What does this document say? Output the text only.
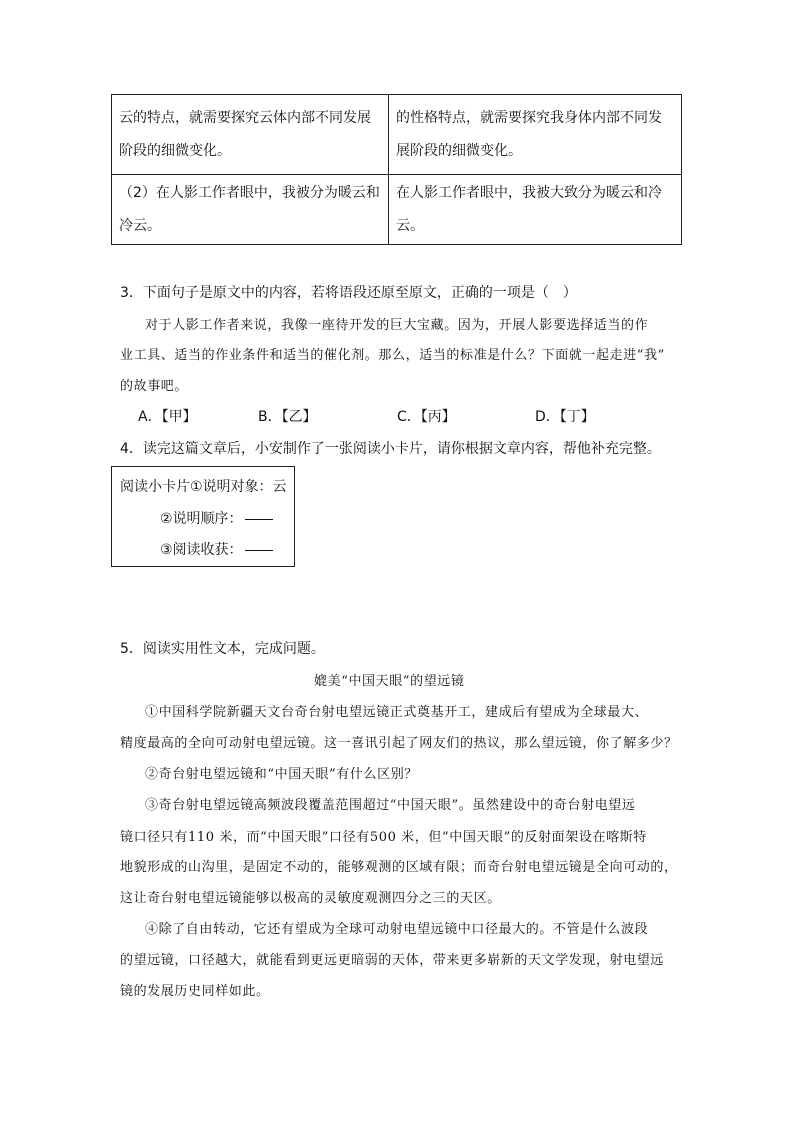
云的特点，就需要探究云体内部不同发展阶段的细微变化。	的性格特点，就需要探究我身体内部不同发展阶段的细微变化。
（2）在人影工作者眼中，我被分为暖云和冷云。	在人影工作者眼中，我被大致分为暖云和冷云。
3．下面句子是原文中的内容，若将语段还原至原文，正确的一项是（　）
对于人影工作者来说，我像一座待开发的巨大宝藏。因为，开展人影要选择适当的作
业工具、适当的作业条件和适当的催化剂。那么，适当的标准是什么？下面就一起走进“我”
的故事吧。
A．【甲】	B．【乙】	C．【丙】	D．【丁】
4．读完这篇文章后，小安制作了一张阅读小卡片，请你根据文章内容，帮他补充完整。
阅读小卡片①说明对象：云
②说明顺序：
③阅读收获：
5．阅读实用性文本，完成问题。
媲美“中国天眼”的望远镜
①中国科学院新疆天文台奇台射电望远镜正式奠基开工，建成后有望成为全球最大、
精度最高的全向可动射电望远镜。这一喜讯引起了网友们的热议，那么望远镜，你了解多少？
②奇台射电望远镜和“中国天眼”有什么区别？
③奇台射电望远镜高频波段覆盖范围超过“中国天眼”。虽然建设中的奇台射电望远
镜口径只有110 米，而“中国天眼”口径有500 米，但“中国天眼”的反射面架设在喀斯特
地貌形成的山沟里，是固定不动的，能够观测的区域有限；而奇台射电望远镜是全向可动的，
这让奇台射电望远镜能够以极高的灵敏度观测四分之三的天区。
④除了自由转动，它还有望成为全球可动射电望远镜中口径最大的。不管是什么波段
的望远镜，口径越大，就能看到更远更暗弱的天体，带来更多崭新的天文学发现，射电望远
镜的发展历史同样如此。
